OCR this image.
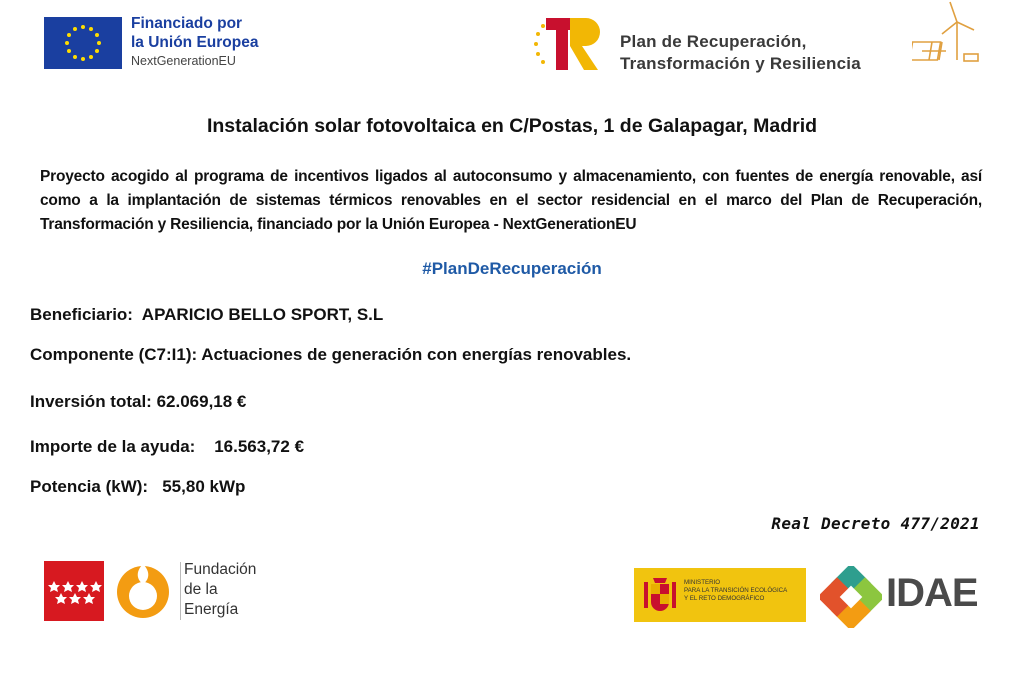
Financiado por
la Unión Europea
NextGenerationEU
Plan de Recuperación,
Transformación y Resiliencia
Instalación solar fotovoltaica en C/Postas, 1 de Galapagar, Madrid
Proyecto acogido al programa de incentivos ligados al autoconsumo y almacenamiento, con fuentes de energía renovable, así como a la implantación de sistemas térmicos renovables en el sector residencial en el marco del Plan de Recuperación, Transformación y Resiliencia, financiado por la Unión Europea - NextGenerationEU
#PlanDeRecuperación
Beneficiario:  APARICIO BELLO SPORT, S.L
Componente (C7:I1): Actuaciones de generación con energías renovables.
Inversión total: 62.069,18 €
Importe de la ayuda:    16.563,72 €
Potencia (kW):   55,80 kWp
Real Decreto 477/2021
Fundación
de la
Energía
MINISTERIO
PARA LA TRANSICIÓN ECOLÓGICA
Y EL RETO DEMOGRÁFICO	IDAE
